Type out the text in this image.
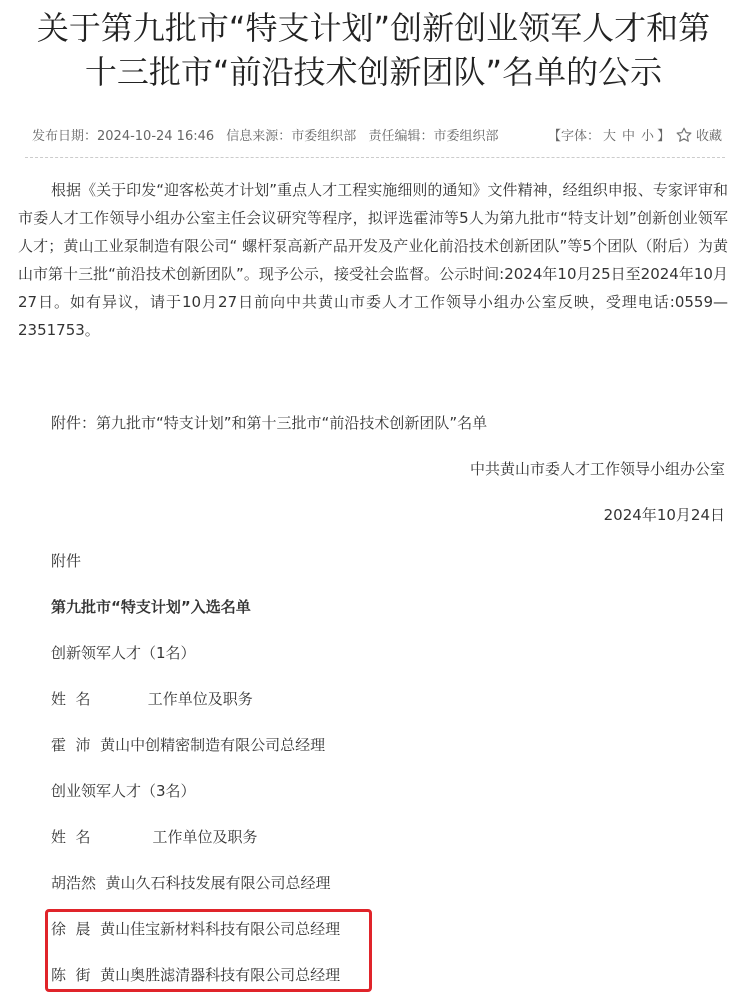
关于第九批市“特支计划”创新创业领军人才和第
十三批市“前沿技术创新团队”名单的公示
发布日期：2024-10-24 16:46 信息来源：市委组织部 责任编辑：市委组织部	【字体： 大 中 小 】	收藏

根据《关于印发“迎客松英才计划”重点人才工程实施细则的通知》文件精神，经组织申报、专家评审和市委人才工作领导小组办公室主任会议研究等程序，拟评选霍沛等5人为第九批市“特支计划”创新创业领军人才；黄山工业泵制造有限公司“ 螺杆泵高新产品开发及产业化前沿技术创新团队”等5个团队（附后）为黄山市第十三批“前沿技术创新团队”。现予公示，接受社会监督。公示时间:2024年10月25日至2024年10月27日。如有异议，请于10月27日前向中共黄山市委人才工作领导小组办公室反映，受理电话:0559—2351753。

附件：第九批市“特支计划”和第十三批市“前沿技术创新团队”名单
中共黄山市委人才工作领导小组办公室
2024年10月24日
附件
第九批市“特支计划”入选名单
创新领军人才（1名）
姓  名            工作单位及职务
霍  沛  黄山中创精密制造有限公司总经理
创业领军人才（3名）
姓  名             工作单位及职务
胡浩然  黄山久石科技发展有限公司总经理
徐  晨  黄山佳宝新材料科技有限公司总经理
陈  街  黄山奥胜滤清器科技有限公司总经理
